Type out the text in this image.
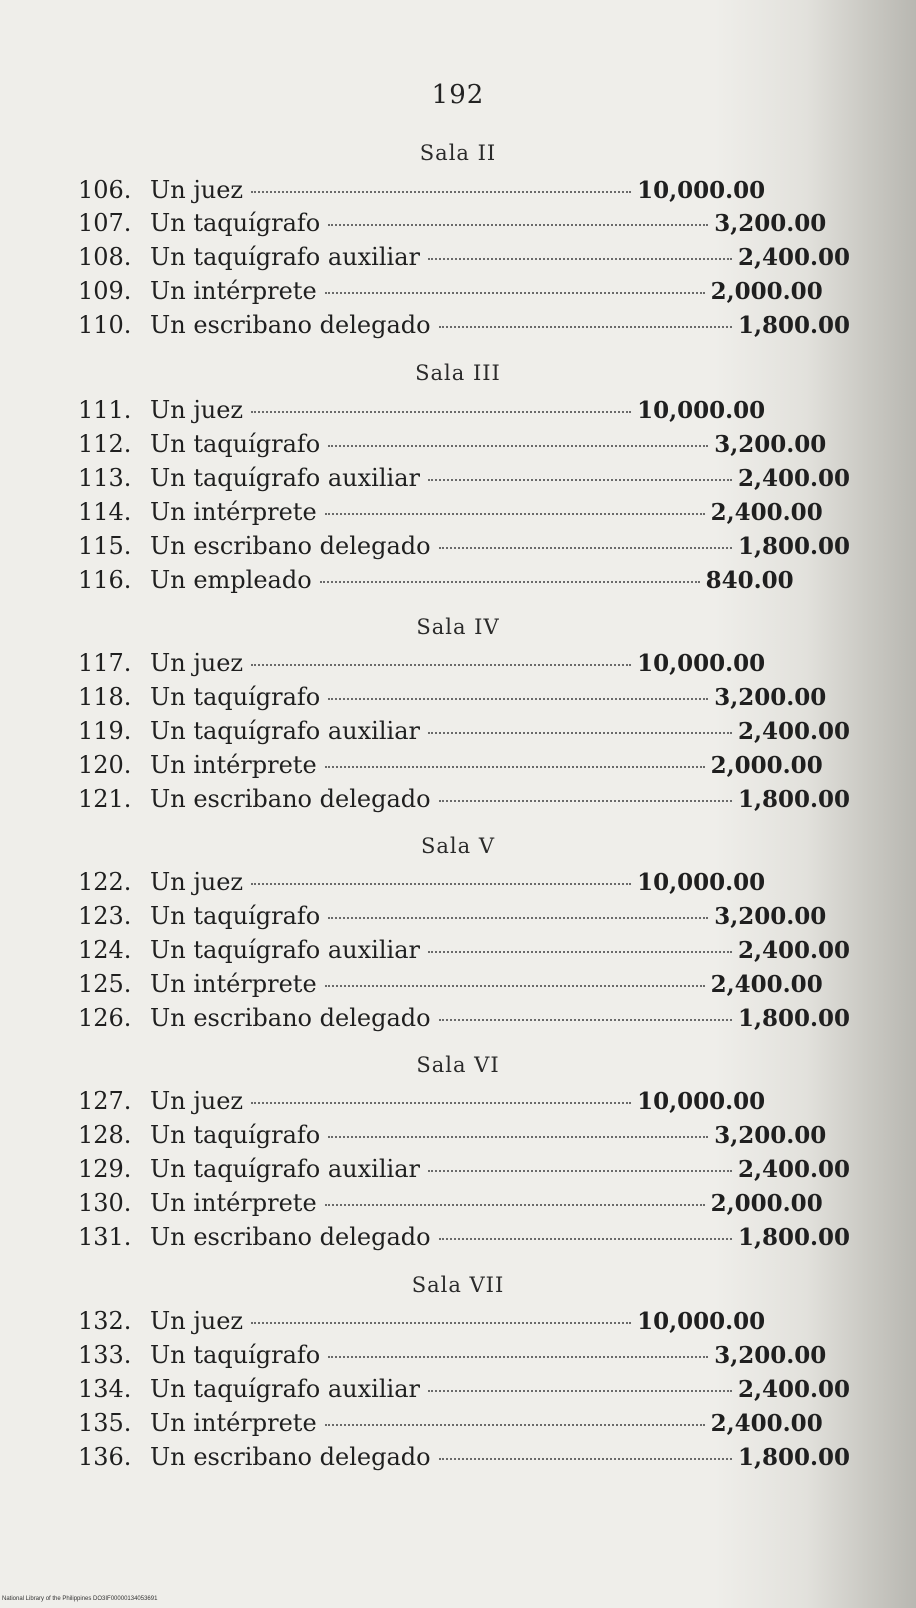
192
Sala II
106. Un juez	10,000.00
107. Un taquígrafo	3,200.00
108. Un taquígrafo auxiliar	2,400.00
109. Un intérprete	2,000.00
110. Un escribano delegado	1,800.00
Sala III
111. Un juez	10,000.00
112. Un taquígrafo	3,200.00
113. Un taquígrafo auxiliar	2,400.00
114. Un intérprete	2,400.00
115. Un escribano delegado	1,800.00
116. Un empleado	840.00
Sala IV
117. Un juez	10,000.00
118. Un taquígrafo	3,200.00
119. Un taquígrafo auxiliar	2,400.00
120. Un intérprete	2,000.00
121. Un escribano delegado	1,800.00
Sala V
122. Un juez	10,000.00
123. Un taquígrafo	3,200.00
124. Un taquígrafo auxiliar	2,400.00
125. Un intérprete	2,400.00
126. Un escribano delegado	1,800.00
Sala VI
127. Un juez	10,000.00
128. Un taquígrafo	3,200.00
129. Un taquígrafo auxiliar	2,400.00
130. Un intérprete	2,000.00
131. Un escribano delegado	1,800.00
Sala VII
132. Un juez	10,000.00
133. Un taquígrafo	3,200.00
134. Un taquígrafo auxiliar	2,400.00
135. Un intérprete	2,400.00
136. Un escribano delegado	1,800.00
National Library of the Philippines DO3IF00000134053691
